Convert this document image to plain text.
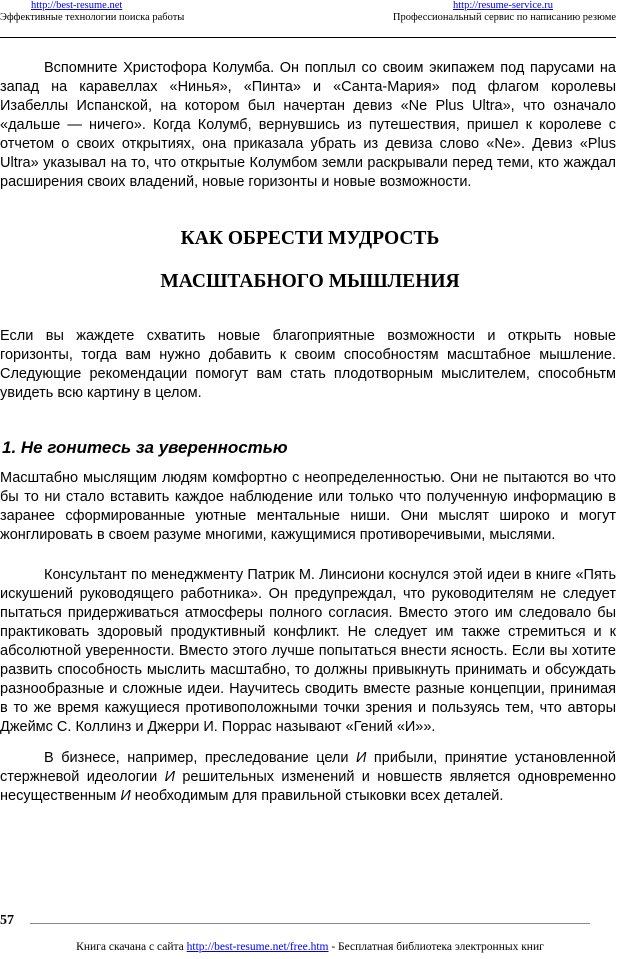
http://best-resume.net	http://resume-service.ru
Эффективные технологии поиска работы	Профессиональный сервис по написанию резюме

Вспомните Христофора Колумба. Он поплыл со своим экипажем под парусами на запад на каравеллах «Нинья», «Пинта» и «Санта-Мария» под флагом королевы Изабеллы Испанской, на котором был начертан девиз «Ne Plus Ultra», что означало «дальше — ничего». Когда Колумб, вернувшись из путешествия, пришел к королеве с отчетом о своих открытиях, она приказала убрать из девиза слово «Ne». Девиз «Plus Ultra» указывал на то, что открытые Колумбом земли раскрывали перед теми, кто жаждал расширения своих владений, новые горизонты и новые возможности.

КАК ОБРЕСТИ МУДРОСТЬ
МАСШТАБНОГО МЫШЛЕНИЯ

Если вы жаждете схватить новые благоприятные возможности и открыть новые горизонты, тогда вам нужно добавить к своим способностям масштабное мышление. Следующие рекомендации помогут вам стать плодотворным мыслителем, способньтм увидеть всю картину в целом.

1. Не гонитесь за уверенностью

Масштабно мыслящим людям комфортно с неопределенностью. Они не пытаются во что бы то ни стало вставить каждое наблюдение или только что полученную информацию в заранее сформированные уютные ментальные ниши. Они мыслят широко и могут жонглировать в своем разуме многими, кажущимися противоречивыми, мыслями.

Консультант по менеджменту Патрик М. Линсиони коснулся этой идеи в книге «Пять искушений руководящего работника». Он предупреждал, что руководителям не следует пытаться придерживаться атмосферы полного согласия. Вместо этого им следовало бы практиковать здоровый продуктивный конфликт. Не следует им также стремиться и к абсолютной уверенности. Вместо этого лучше попытаться внести ясность. Если вы хотите развить способность мыслить масштабно, то должны привыкнуть принимать и обсуждать разнообразные и сложные идеи. Научитесь сводить вместе разные концепции, принимая в то же время кажущиеся противоположными точки зрения и пользуясь тем, что авторы Джеймс С. Коллинз и Джерри И. Поррас называют «Гений «И»».

В бизнесе, например, преследование цели И прибыли, принятие установленной стержневой идеологии И решительных изменений и новшеств является одновременно несущественным И необходимым для правильной стыковки всех деталей.

57
Книга скачана с сайта http://best-resume.net/free.htm - Бесплатная библиотека электронных книг
